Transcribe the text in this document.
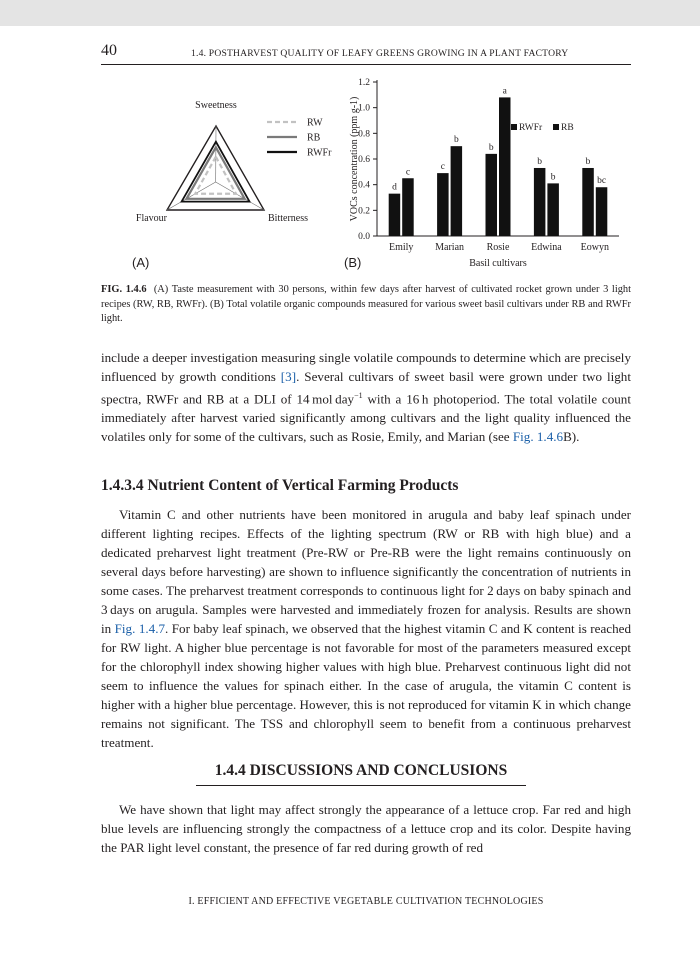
40	1.4. POSTHARVEST QUALITY OF LEAFY GREENS GROWING IN A PLANT FACTORY
Sweetness
Bitterness
Flavour
RW
RB
RWFr
(A)
0.0
0.2
0.4
0.6
0.8
1.0
1.2
VOCs concentration (ppm g-1)
Emily
d
c
Marian
c
b
Rosie
b
a
Edwina
b
b
Eowyn
b
bc
Basil cultivars
RWFr RB
(B)
FIG. 1.4.6 (A) Taste measurement with 30 persons, within few days after harvest of cultivated rocket grown under 3 light recipes (RW, RB, RWFr). (B) Total volatile organic compounds measured for various sweet basil cultivars under RB and RWFr light.

include a deeper investigation measuring single volatile compounds to determine which are precisely influenced by growth conditions [3]. Several cultivars of sweet basil were grown under two light spectra, RWFr and RB at a DLI of 14 mol day$^{-1}$ with a 16 h photoperiod. The total volatile count immediately after harvest varied significantly among cultivars and the light quality influenced the volatiles only for some of the cultivars, such as Rosie, Emily, and Marian (see Fig. 1.4.6B).

1.4.3.4 Nutrient Content of Vertical Farming Products

Vitamin C and other nutrients have been monitored in arugula and baby leaf spinach under different lighting recipes. Effects of the lighting spectrum (RW or RB with high blue) and a dedicated preharvest light treatment (Pre-RW or Pre-RB were the light remains continuously on several days before harvesting) are shown to influence significantly the concentration of nutrients in some cases. The preharvest treatment corresponds to continuous light for 2 days on baby spinach and 3 days on arugula. Samples were harvested and immediately frozen for analysis. Results are shown in Fig. 1.4.7. For baby leaf spinach, we observed that the highest vitamin C and K content is reached for RW light. A higher blue percentage is not favorable for most of the parameters measured except for the chlorophyll index showing higher values with high blue. Preharvest continuous light did not seem to influence the values for spinach either. In the case of arugula, the vitamin C content is higher with a higher blue percentage. However, this is not reproduced for vitamin K in which change remains not significant. The TSS and chlorophyll seem to benefit from a continuous preharvest treatment.

1.4.4 DISCUSSIONS AND CONCLUSIONS

We have shown that light may affect strongly the appearance of a lettuce crop. Far red and high blue levels are influencing strongly the compactness of a lettuce crop and its color. Despite having the PAR light level constant, the presence of far red during growth of red

I. EFFICIENT AND EFFECTIVE VEGETABLE CULTIVATION TECHNOLOGIES
